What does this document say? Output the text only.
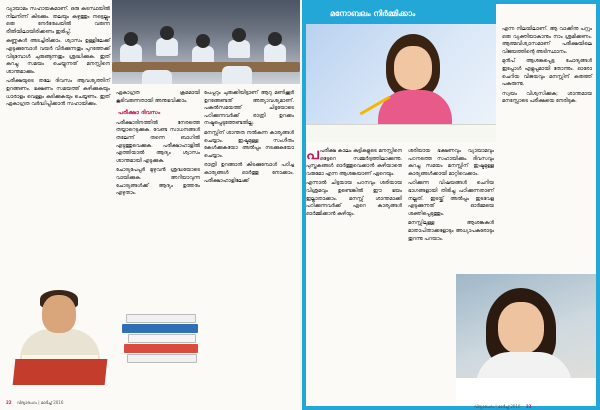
വ്യായാമം സഹായകമാണ്. ഒരു കടസ്ഥയിൽ നിലനിന്ന് കിടക്കും. തലയും കഴുത്തും നട്ടെല്ലും ഒരു നേർരേഖയിൽ വരുന്ന രീതിയിലായിരിക്കണം ഇരിപ്പ്.

കണ്ണുകൾ അടച്ചിരിക്കാം. ശ്വാസം ഉള്ളിലേക്ക് എടുക്കുമ്പോൾ വയർ വീർക്കുന്നതും പുറത്തേക്ക് വിടുമ്പോൾ ചുരുങ്ങുന്നതും ശ്രദ്ധിക്കുക. ഇത് കുറച്ചു സമയം ചെയ്യുന്നത് മനസ്സിനെ ശാന്തമാക്കും.

പരീക്ഷയുടെ തലേ ദിവസം ആവശ്യത്തിന് ഉറങ്ങണം. ഭക്ഷണം സമയത്ത് കഴിക്കുകയും ധാരാളം വെള്ളം കുടിക്കുകയും ചെയ്യണം. ഇത് ഏകാഗ്രത വർദ്ധിപ്പിക്കാൻ സഹായിക്കും.

ഏകാഗ്രത ക്രമമായി കൂടിവരുന്നതായി അനുഭവിക്കാം.

പരീക്ഷാ ദിവസം

പരീക്ഷാദിനത്തിൽ നേരത്തെ തയ്യാറെടുക്കുക. വേണ്ട സാധനങ്ങൾ തലേന്ന് തന്നെ ബാഗിൽ എടുത്തുവെക്കുക. പരീക്ഷാഹാളിൽ എത്തിയാൽ ആദ്യം ശ്വാസം ശാന്തമായി എടുക്കുക.

ചോദ്യപേപ്പർ മുഴുവൻ ശ്രദ്ധയോടെ വായിക്കുക. അറിയാവുന്ന ചോദ്യങ്ങൾക്ക് ആദ്യം ഉത്തരം എഴുതാം.

പേപ്പറും ചുരുക്കിയിട്ടാണ് ആറു മണിക്കൂർ ഉറങ്ങേണ്ടത് അത്യാവശ്യമാണ്. പകൽസമയത്ത് ചിട്ടയോടെ പഠിക്കുന്നവർക്ക് രാത്രി ഉറക്കം നഷ്ടപ്പെടുത്തേണ്ടതില്ല.

മനസ്സിന് ശാന്തത നൽകുന്ന കാര്യങ്ങൾ ചെയ്യാം. ഇഷ്ടമുള്ള സംഗീതം കേൾക്കുകയോ അൽപ്പം നടക്കുകയോ ചെയ്യാം.

രാത്രി ഉറങ്ങാൻ കിടക്കുമ്പോൾ പഠിച്ച കാര്യങ്ങൾ ഓർത്തു നോക്കാം. പരീക്ഷാഹാളിലേക്ക്

22 വിദ്യാരംഗം | മാർച്ച് 2016
മനോബലം നിർമ്മിക്കാം

പപരീക്ഷ കാലം കുട്ടികളുടെ മനസ്സിനെ ഒട്ടേറെ സമ്മർദ്ദത്തിലാക്കുന്നു. പുസ്തകങ്ങൾ ഓർത്തുവെക്കാൻ കഴിയാതെ വരുമോ എന്ന ആശങ്കയാണ് ഏറെയും.

എന്നാൽ ചിട്ടയായ പഠനവും ശരിയായ വിശ്രമവും ഉണ്ടെങ്കിൽ ഈ ഭയം ഇല്ലാതാക്കാം. മനസ്സ് ശാന്തമാക്കി പഠിക്കുന്നവർക്ക് ഏറെ കാര്യങ്ങൾ ഓർമ്മിക്കാൻ കഴിയും.

ശരിയായ ഭക്ഷണവും വ്യായാമവും പഠനത്തെ സഹായിക്കും. ദിവസവും കുറച്ചു സമയം മനസ്സിന് ഇഷ്ടമുള്ള കാര്യങ്ങൾക്കായി മാറ്റിവെക്കാം.

പഠിക്കുന്ന വിഷയങ്ങൾ ചെറിയ ഭാഗങ്ങളായി തിരിച്ചു പഠിക്കുന്നതാണ് നല്ലത്. ഇടയ്ക്ക് അൽപ്പം ഇടവേള എടുക്കുന്നത് ഓർമ്മയെ ശക്തിപ്പെടുത്തും.

മനസ്സിലുള്ള ആശങ്കകൾ മാതാപിതാക്കളോടും അധ്യാപകരോടും തുറന്നു പറയാം.

എന്ന നിലയിലാണ്. ആ വാക്കിനു പറ്റും ഒരു വ്യക്തിയാകാനും നാം ശ്രമിക്കണം. ആത്മവിശ്വാസമാണ് പരീക്ഷയിലെ വിജയത്തിന്റെ അടിസ്ഥാനം.

മുൻപ് ആശങ്കപ്പെട്ട ചോദ്യങ്ങൾ ഇപ്പോൾ എളുപ്പമായി തോന്നും. ഓരോ ചെറിയ വിജയവും മനസ്സിന് കരുത്ത് പകരുന്നു.

സ്വയം വിശ്വസിക്കുക; ശാന്തമായ മനസ്സോടെ പരീക്ഷയെ നേരിടുക.

വിദ്യാരംഗം | മാർച്ച് 2016 23
